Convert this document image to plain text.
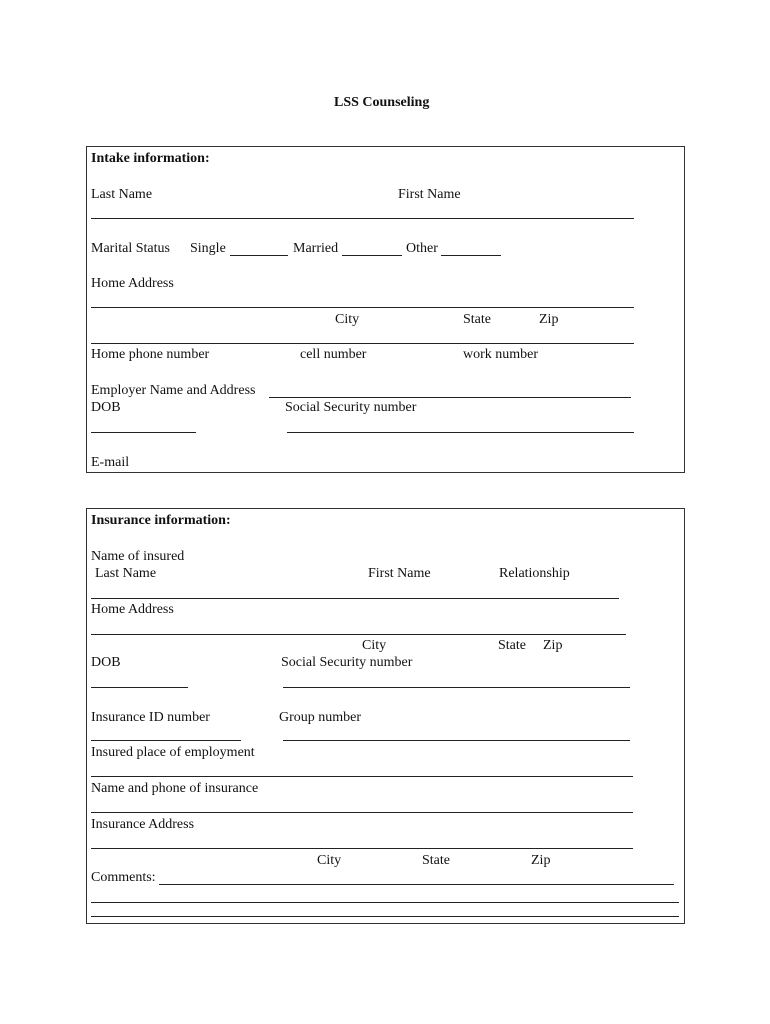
LSS Counseling
Intake information:
Last Name	First Name
Marital Status Single	Married	Other
Home Address
City	State	Zip
Home phone number	cell number	work number
Employer Name and Address
DOB	Social Security number
E-mail
Insurance information:
Name of insured
Last Name	First Name	Relationship
Home Address
City	State Zip
DOB	Social Security number
Insurance ID number	Group number
Insured place of employment
Name and phone of insurance
Insurance Address
City	State	Zip
Comments:
